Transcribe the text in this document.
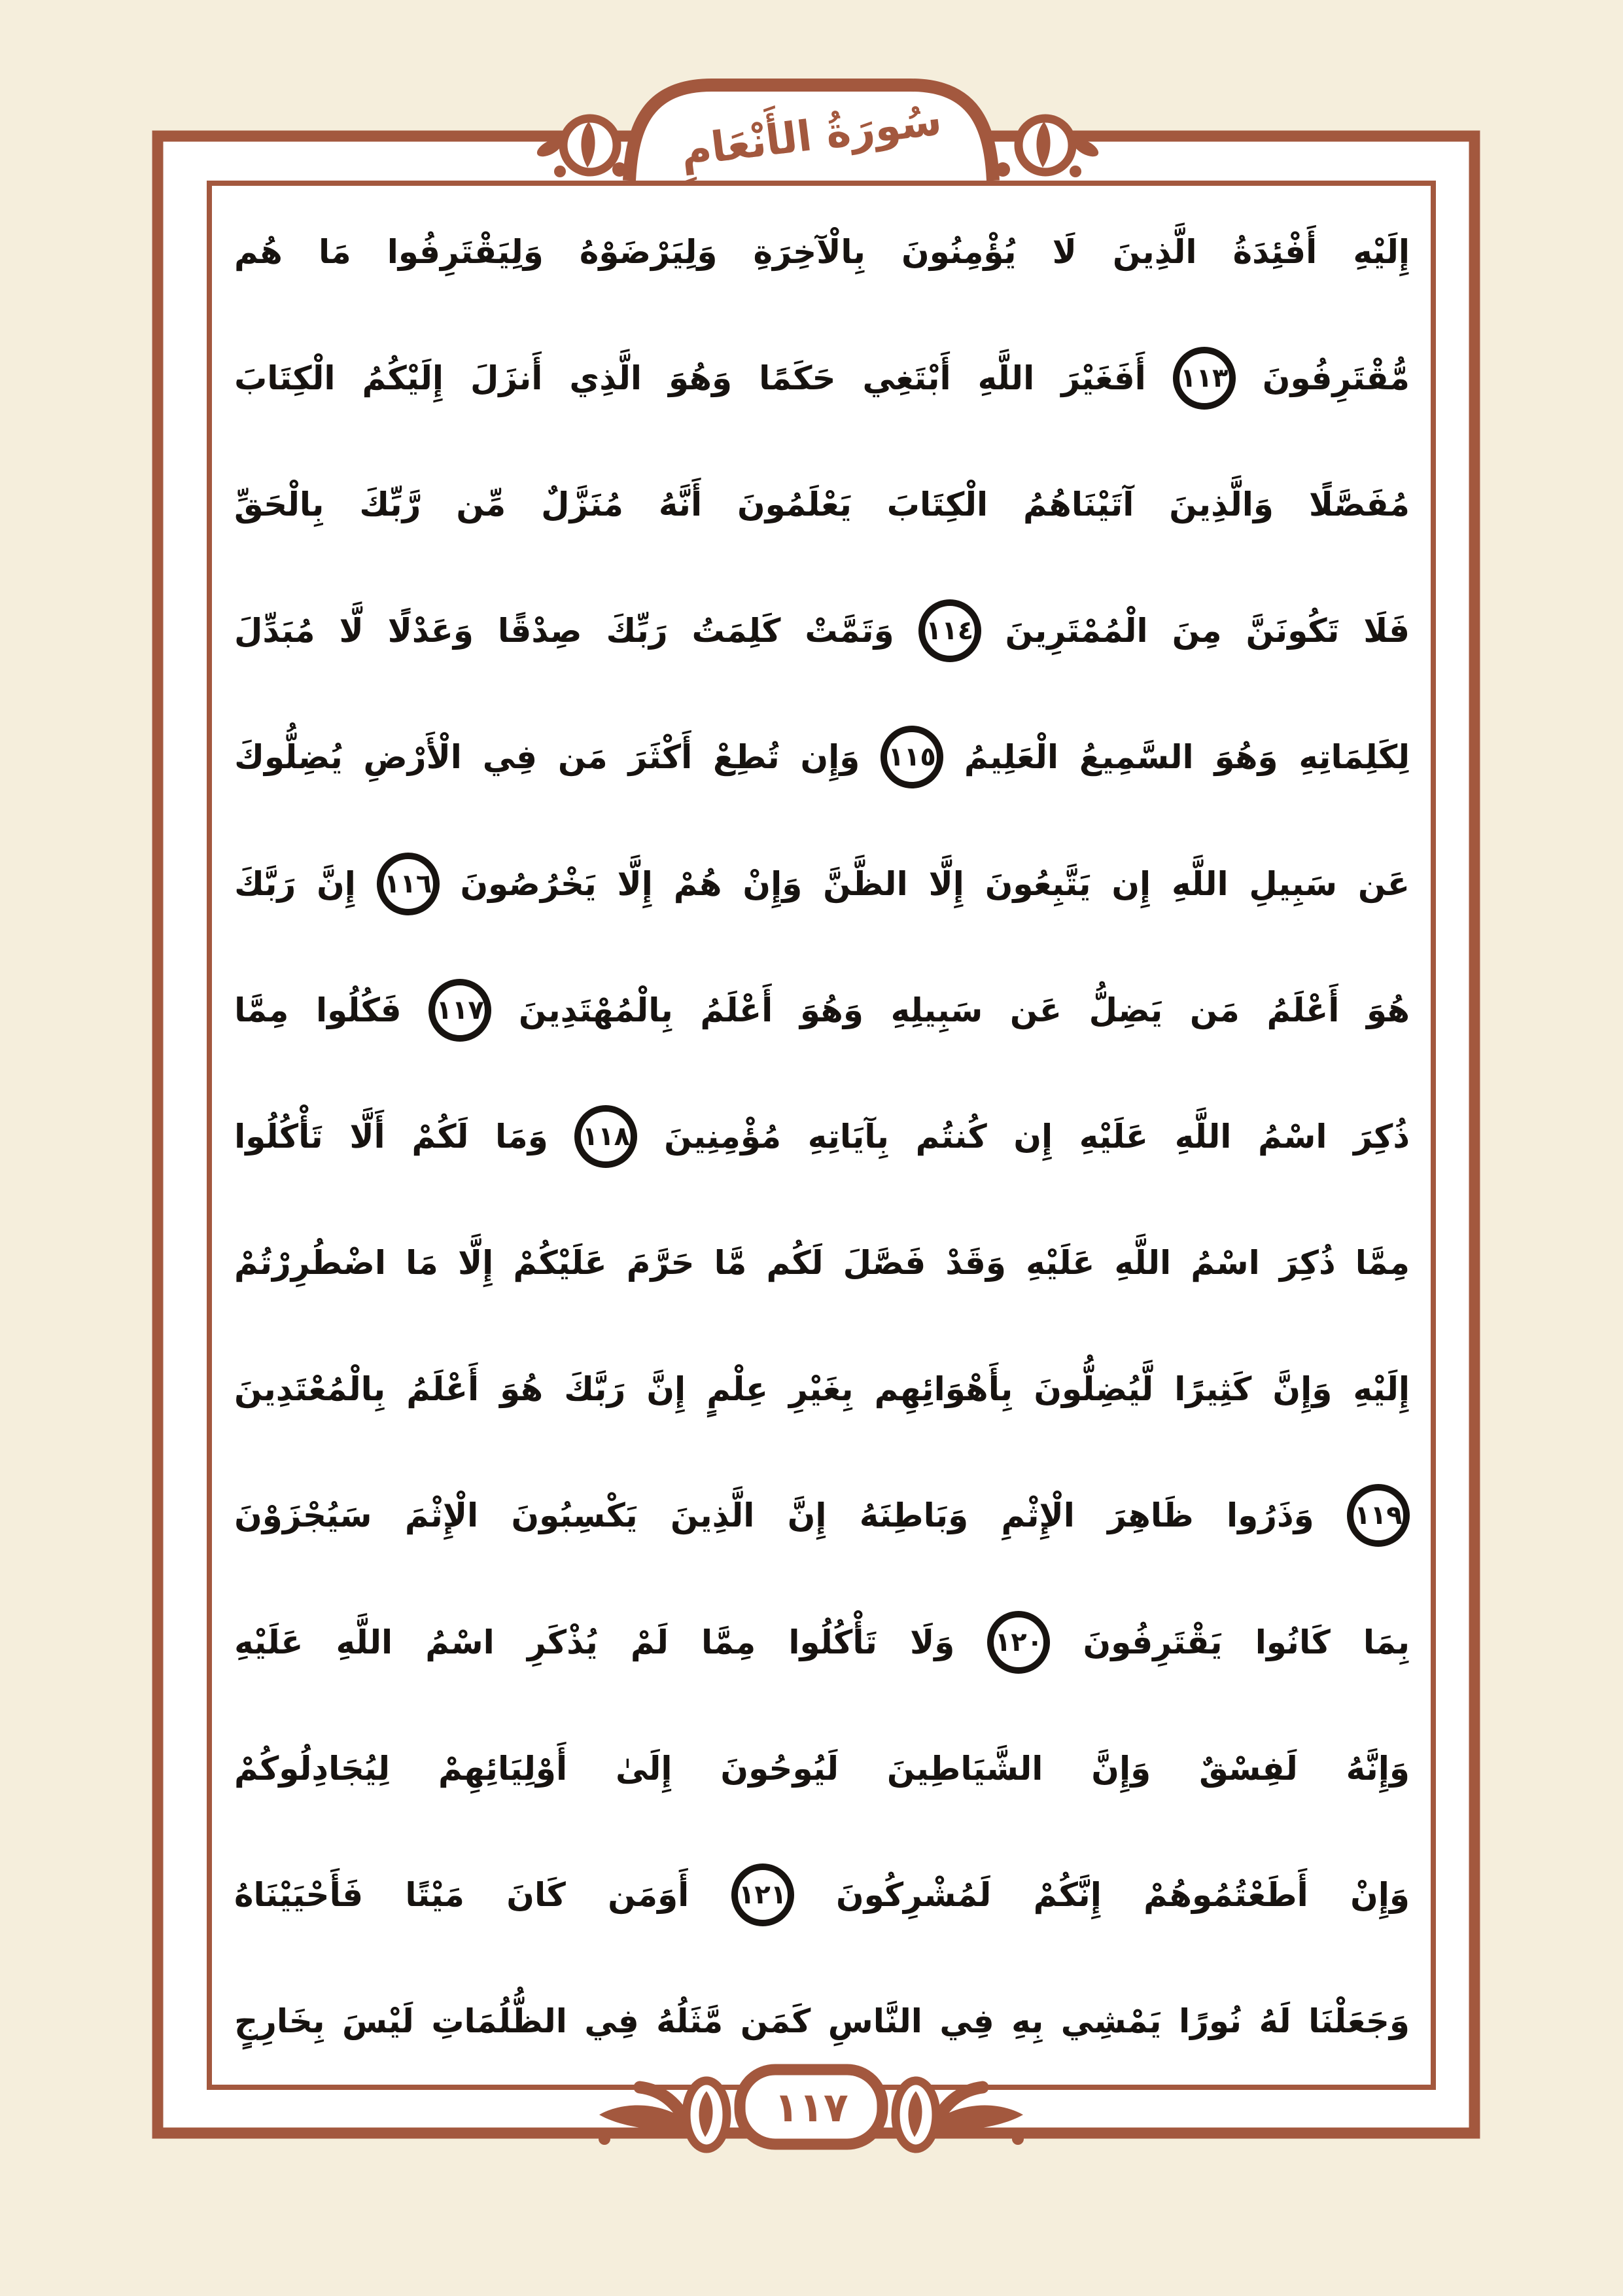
سُورَةُ الأَنْعَامِ
إِلَيْهِ
أَفْئِدَةُ
الَّذِينَ
لَا
يُؤْمِنُونَ
بِالْآخِرَةِ
وَلِيَرْضَوْهُ
وَلِيَقْتَرِفُوا
مَا
هُم
مُّقْتَرِفُونَ
١١٣
أَفَغَيْرَ
اللَّهِ
أَبْتَغِي
حَكَمًا
وَهُوَ
الَّذِي
أَنزَلَ
إِلَيْكُمُ
الْكِتَابَ
مُفَصَّلًا
وَالَّذِينَ
آتَيْنَاهُمُ
الْكِتَابَ
يَعْلَمُونَ
أَنَّهُ
مُنَزَّلٌ
مِّن
رَّبِّكَ
بِالْحَقِّ
فَلَا
تَكُونَنَّ
مِنَ
الْمُمْتَرِينَ
١١٤
وَتَمَّتْ
كَلِمَتُ
رَبِّكَ
صِدْقًا
وَعَدْلًا
لَّا
مُبَدِّلَ
لِكَلِمَاتِهِ
وَهُوَ
السَّمِيعُ
الْعَلِيمُ
١١٥
وَإِن
تُطِعْ
أَكْثَرَ
مَن
فِي
الْأَرْضِ
يُضِلُّوكَ
عَن
سَبِيلِ
اللَّهِ
إِن
يَتَّبِعُونَ
إِلَّا
الظَّنَّ
وَإِنْ
هُمْ
إِلَّا
يَخْرُصُونَ
١١٦
إِنَّ
رَبَّكَ
هُوَ
أَعْلَمُ
مَن
يَضِلُّ
عَن
سَبِيلِهِ
وَهُوَ
أَعْلَمُ
بِالْمُهْتَدِينَ
١١٧
فَكُلُوا
مِمَّا
ذُكِرَ
اسْمُ
اللَّهِ
عَلَيْهِ
إِن
كُنتُم
بِآيَاتِهِ
مُؤْمِنِينَ
١١٨
وَمَا
لَكُمْ
أَلَّا
تَأْكُلُوا
مِمَّا
ذُكِرَ
اسْمُ
اللَّهِ
عَلَيْهِ
وَقَدْ
فَصَّلَ
لَكُم
مَّا
حَرَّمَ
عَلَيْكُمْ
إِلَّا
مَا
اضْطُرِرْتُمْ
إِلَيْهِ
وَإِنَّ
كَثِيرًا
لَّيُضِلُّونَ
بِأَهْوَائِهِم
بِغَيْرِ
عِلْمٍ
إِنَّ
رَبَّكَ
هُوَ
أَعْلَمُ
بِالْمُعْتَدِينَ
١١٩
وَذَرُوا
ظَاهِرَ
الْإِثْمِ
وَبَاطِنَهُ
إِنَّ
الَّذِينَ
يَكْسِبُونَ
الْإِثْمَ
سَيُجْزَوْنَ
بِمَا
كَانُوا
يَقْتَرِفُونَ
١٢٠
وَلَا
تَأْكُلُوا
مِمَّا
لَمْ
يُذْكَرِ
اسْمُ
اللَّهِ
عَلَيْهِ
وَإِنَّهُ
لَفِسْقٌ
وَإِنَّ
الشَّيَاطِينَ
لَيُوحُونَ
إِلَىٰ
أَوْلِيَائِهِمْ
لِيُجَادِلُوكُمْ
وَإِنْ
أَطَعْتُمُوهُمْ
إِنَّكُمْ
لَمُشْرِكُونَ
١٢١
أَوَمَن
كَانَ
مَيْتًا
فَأَحْيَيْنَاهُ
وَجَعَلْنَا
لَهُ
نُورًا
يَمْشِي
بِهِ
فِي
النَّاسِ
كَمَن
مَّثَلُهُ
فِي
الظُّلُمَاتِ
لَيْسَ
بِخَارِجٍ
١١٧
